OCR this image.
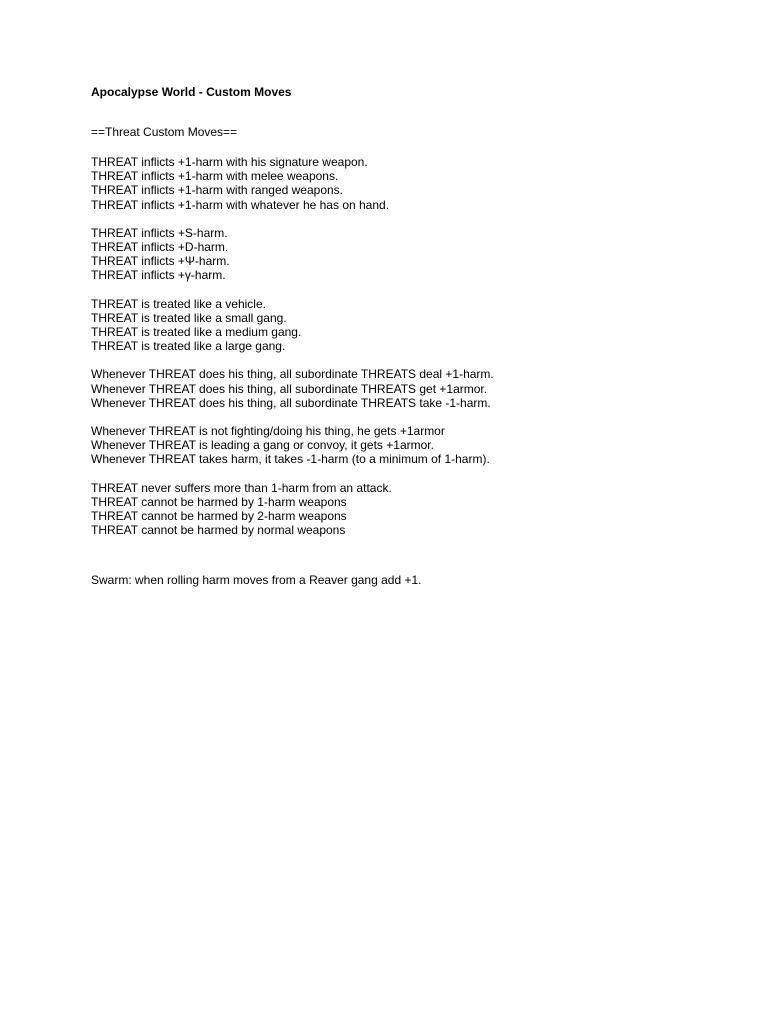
Apocalypse World - Custom Moves

==Threat Custom Moves==

THREAT inflicts +1-harm with his signature weapon.
THREAT inflicts +1-harm with melee weapons.
THREAT inflicts +1-harm with ranged weapons.
THREAT inflicts +1-harm with whatever he has on hand.
THREAT inflicts +S-harm.
THREAT inflicts +D-harm.
THREAT inflicts +Ψ-harm.
THREAT inflicts +γ-harm.
THREAT is treated like a vehicle.
THREAT is treated like a small gang.
THREAT is treated like a medium gang.
THREAT is treated like a large gang.
Whenever THREAT does his thing, all subordinate THREATS deal +1-harm.
Whenever THREAT does his thing, all subordinate THREATS get +1armor.
Whenever THREAT does his thing, all subordinate THREATS take -1-harm.
Whenever THREAT is not fighting/doing his thing, he gets +1armor
Whenever THREAT is leading a gang or convoy, it gets +1armor.
Whenever THREAT takes harm, it takes -1-harm (to a minimum of 1-harm).
THREAT never suffers more than 1-harm from an attack.
THREAT cannot be harmed by 1-harm weapons
THREAT cannot be harmed by 2-harm weapons
THREAT cannot be harmed by normal weapons

Swarm: when rolling harm moves from a Reaver gang add +1.
